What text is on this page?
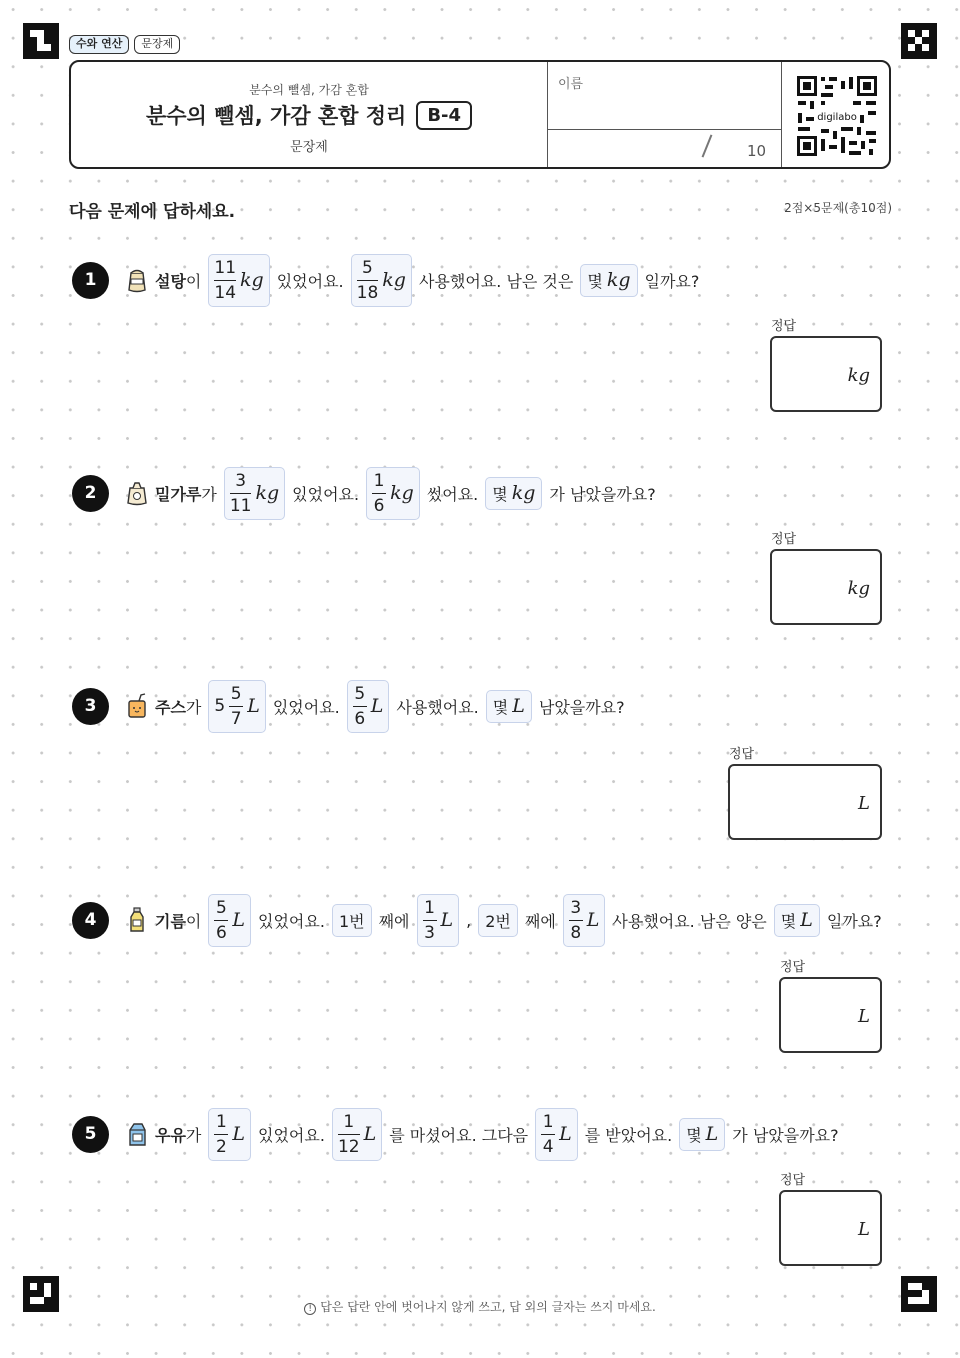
수와 연산	문장제
분수의 뺄셈, 가감 혼합
분수의 뺄셈, 가감 혼합 정리	B-4
문장제
이름
10
digilabo
다음 문제에 답하세요.	2점×5문제(총10점)
1	설탕이 $\frac{11}{14}$ kg 있었어요. $\frac{5}{18}$ kg 사용했어요. 남은 것은 몇 kg 일까요?
정답
kg
2	밀가루가 $\frac{3}{11}$ kg 있었어요. $\frac{1}{6}$ kg 썼어요. 몇 kg 가 남았을까요?
정답
kg
3	주스가 $5 \frac{5}{7}$ L 있었어요. $\frac{5}{6}$ L 사용했어요. 몇 L 남았을까요?
정답
L
4	기름이 $\frac{5}{6}$ L 있었어요. 1번 째에 $\frac{1}{3}$ L , 2번 째에 $\frac{3}{8}$ L 사용했어요. 남은 양은 몇 L 일까요?
정답
L
5	우유가 $\frac{1}{2}$ L 있었어요. $\frac{1}{12}$ L 를 마셨어요. 그다음 $\frac{1}{4}$ L 를 받았어요. 몇 L 가 남았을까요?
정답
L
! 답은 답란 안에 벗어나지 않게 쓰고, 답 외의 글자는 쓰지 마세요.
